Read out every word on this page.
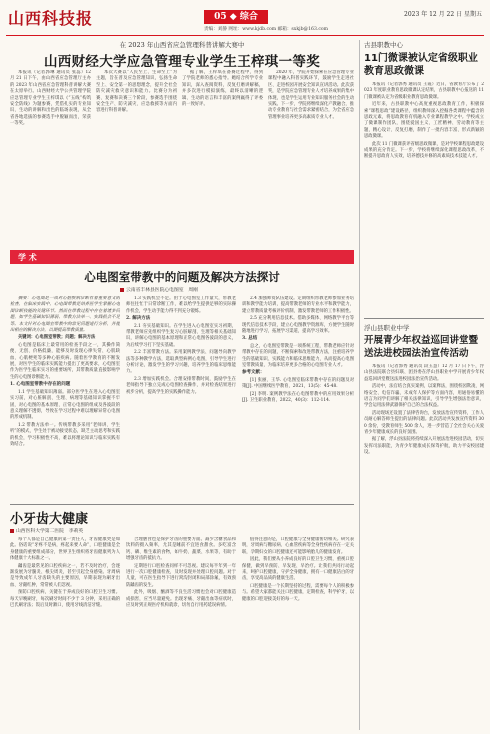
山西科技报	05 ◆ 综合	2023 年 12 月 22 日 星期五
责编：刘静 网址：www.kjdb.com 邮箱：sxkjb@163.com
在 2023 年山西省应急管理科普讲解大赛中
山西财经大学应急管理专业学生王梓琪一等奖

本报讯（记者郭琳 通讯员 张蕊）12 月 21 日下午，由山西省应急管理厅主办的 2023 年山西省应急管理科普讲解大赛在太原举行。山西财经大学公共管理学院应急管理专业学生王梓琪以《“五线”构筑安全防线》为题参赛，凭借扎实的专业知识、生动的讲解和出色的临场表现，从全省各地选拔的参赛选手中脱颖而出，荣获一等奖。

本次大赛以“人民至上、生命至上”为主题，旨在普及应急管理知识，弘扬生命至上、安全第一的思想理念，提升全社会防灾减灾救灾意识和能力。比赛分为初赛、复赛和决赛三个阶段，参赛选手围绕安全生产、防灾减灾、应急救援等方面内容进行科普讲解。

据了解，王梓琪在备赛过程中，得到了学院老师的悉心指导。她结合所学专业知识，深入查阅资料，反复打磨讲解稿，并多次进行模拟演练，最终以清晰的逻辑、生动的语言和丰富的案例赢得了评委的一致好评。

2020 年，学院开始探索在应急管理专业课程中融入科普实践环节，鼓励学生走进社区、走进校园开展安全知识宣讲活动。此次获奖，是学院应急管理专业人才培养成果的集中体现，也是学生运用专业知识服务社会的生动实践。下一步，学院将继续深化产教融合，推动专业教育与社会需求紧密结合，为全省应急管理事业培养更多高素质专业人才。

学 术
心电图室带教中的问题及解决方法探讨
云南省丰林县医院心电图室　周刚

摘要：心电图是一项对心脏疾病诊断有着重要意义的检查，在临床实践中，心电图带教是培养医学生掌握心电图诊断技能的关键环节。然而在带教过程中存在着诸多问题，如学生基础知识薄弱、带教方法单一、实践机会不足等。本文针对心电图室带教中的常见问题进行分析，并提出相应的解决方法，以期提高带教质量。

关键词：心电图室带教；问题；解决方法

心电图是临床上最常用的检查手段之一，其操作简便、无创、价格低廉，能够及时发现心律失常、心肌缺血、心肌梗死等多种心脏疾病。随着医学教育的不断发展，对医学生的临床实践能力提出了更高要求，心电图室作为医学生临床实习的重要场所，其带教质量直接影响学生的心电图诊断能力。

1. 心电图室带教中存在的问题

1.1 学生基础知识薄弱。部分医学生在进入心电图室实习前，对心脏解剖、生理、病理等基础知识掌握不牢固，对心电图的基本原理、正常心电图的组成及各波段的意义理解不透彻，导致在学习过程中难以理解异常心电图的形成机制。

1.2 带教方法单一。传统带教多采用“老师讲、学生听”的模式，学生处于被动接受状态，缺乏主动思考和实践的机会，学习积极性不高，难以将理论知识与临床实践有效结合。

1.3 实践机会不足。由于心电图室工作量大，带教老师往往忙于日常诊断工作，难以给学生提供足够的实际操作机会，学生动手能力得不到充分锻炼。

2. 解决方法

2.1 夯实基础知识。在学生进入心电图室实习初期，带教老师应先组织学生复习心脏解剖、生理等相关基础知识，讲解心电图的基本原理和正常心电图各波段的意义，为后续学习打下坚实基础。

2.2 丰富带教方法。采用案例教学法、问题导向教学法等多种教学方法，选取典型病例心电图，引导学生进行分析讨论，激发学生的学习兴趣，培养学生的临床思维能力。

2.3 增加实践机会。合理安排带教时间，鼓励学生在老师指导下独立完成心电图检查操作，并对检查结果进行初步分析，提高学生的实践操作能力。

2.4 加强师资队伍建设。定期组织带教老师参加业务培训和教学能力培训，提高带教老师的专业水平和教学能力，建立带教质量考核评价机制，激发带教老师的工作积极性。

2.5 充分利用信息技术。借助多媒体、网络教学平台等现代信息技术手段，建立心电图教学资源库，方便学生随时随地进行学习，拓展学习渠道，提高学习效率。

3. 总结

总之，心电图室带教是一项系统工程，带教老师应针对带教中存在的问题，不断探索和改进带教方法，注重培养学生的基础知识、实践能力和临床思维能力，从而提高心电图室带教质量，为临床培养更多合格的心电图专业人才。

参考文献：

[1] 张丽，王华. 心电图室临床带教中存在的问题及对策[J]. 中国继续医学教育，2021，13(5)：45-48.

[2] 李明. 案例教学法在心电图带教中的应用效果分析[J]. 卫生职业教育，2022，40(3)：112-114.

小牙齿大健康
山西医科大学第二医院　李莉英

每个人都是自己健康的第一责任人，牙齿健康更是如此。俗话说“牙疼不是病，疼起来要人命”，口腔健康是全身健康的重要组成部分，世界卫生组织将牙齿健康列为人体健康十大标准之一。

龋齿是最常见的口腔疾病之一，若不及时治疗，会逐渐发展为牙髓炎、根尖周炎，甚至引起全身感染。牙周病是导致成年人牙齿缺失的主要原因，早期表现为刷牙出血、牙龈红肿，常常被人们忽视。

预防口腔疾病，关键在于养成良好的口腔卫生习惯。每天早晚刷牙，每次刷牙时间不少于 3 分钟，采用正确的巴氏刷牙法；饭后及时漱口，使用牙线清洁牙缝。

合理膳食也是保护牙齿的重要方面。减少含糖食品和饮料的摄入频率，尤其是睡前不宜进食甜食。多吃富含钙、磷、维生素的食物，如牛奶、蔬菜、水果等，有助于增强牙齿的抵抗力。

定期进行口腔检查同样不可忽视。建议每半年到一年进行一次口腔健康检查，及时发现并处理口腔问题。对于儿童，可在医生指导下进行窝沟封闭和局部涂氟，有效预防龋齿的发生。

此外，吸烟、酗酒等不良生活习惯也会对口腔健康造成损害，应当尽量避免。出现牙痛、牙龈出血等症状时，应及时到正规医疗机构就诊，切勿自行用药延误病情。

值得注意的是，口腔健康与全身健康密切相关。研究表明，牙周病与糖尿病、心血管疾病等全身性疾病存在一定关联，孕期妇女的口腔健康还可能影响胎儿的健康发育。

因此，我们要从小养成良好的口腔卫生习惯，重视口腔保健，做到早预防、早发现、早治疗。让我们共同行动起来，呵护口腔健康，守护全身健康，拥有一口健康洁白的牙齿，享受高品质的健康生活。

口腔健康是一个长期坚持的过程，需要每个人的积极参与。希望大家都能关注口腔健康，定期检查，科学护牙，以健康的口腔迎接美好的每一天。

古县职教中心
11门微课被认定省级职业教育思政微课

本报讯（记者郭秀 通讯员 王霞）近日，省教育厅公布了 2023 年度职业教育思政微课认定结果，古县职教中心报送的 11 门微课被认定为省级职业教育思政微课。

近年来，古县职教中心高度重视思政教育工作，积极探索“课程思政”建设路径，组织教师深入挖掘各类课程中蕴含的思政元素，将思政教育有机融入专业课程教学之中。学校成立了微课制作团队，围绕爱国主义、工匠精神、劳动教育等主题，精心设计、反复打磨，制作了一批内容丰富、形式新颖的思政微课。

此次 11 门微课获评省级思政微课，是对学校课程思政建设成果的充分肯定。下一步，学校将继续深化课程思政改革，不断提升思政育人实效，培养德技并修的高素质技术技能人才。

浮山县职业中学
开展青少年权益巡回讲堂暨送法进校园法治宣传活动

本报讯（记者郭秀 通讯员 段玉慧）12 月 17 日下午，浮山县法院联合县妇联、团县委在浮山县职业中学开展青少年权益巡回讲堂暨送法进校园法治宣传活动。

活动中，法官结合真实案例，以案释法，围绕校园欺凌、网络安全、电信诈骗、未成年人保护等方面内容，用通俗易懂的语言为同学们讲解了相关法律知识，引导学生增强法治意识，学会运用法律武器保护自己的合法权益。

活动现场还设置了法律咨询台，发放法治宣传资料，工作人员耐心解答师生提出的法律问题。此次活动共发放宣传资料 300 余份，受教育师生 500 余人，进一步营造了全社会关心关爱青少年健康成长的良好氛围。

据了解，浮山县法院将持续深入开展法治进校园活动，切实发挥司法职能，为青少年健康成长保驾护航，助力平安校园建设。
